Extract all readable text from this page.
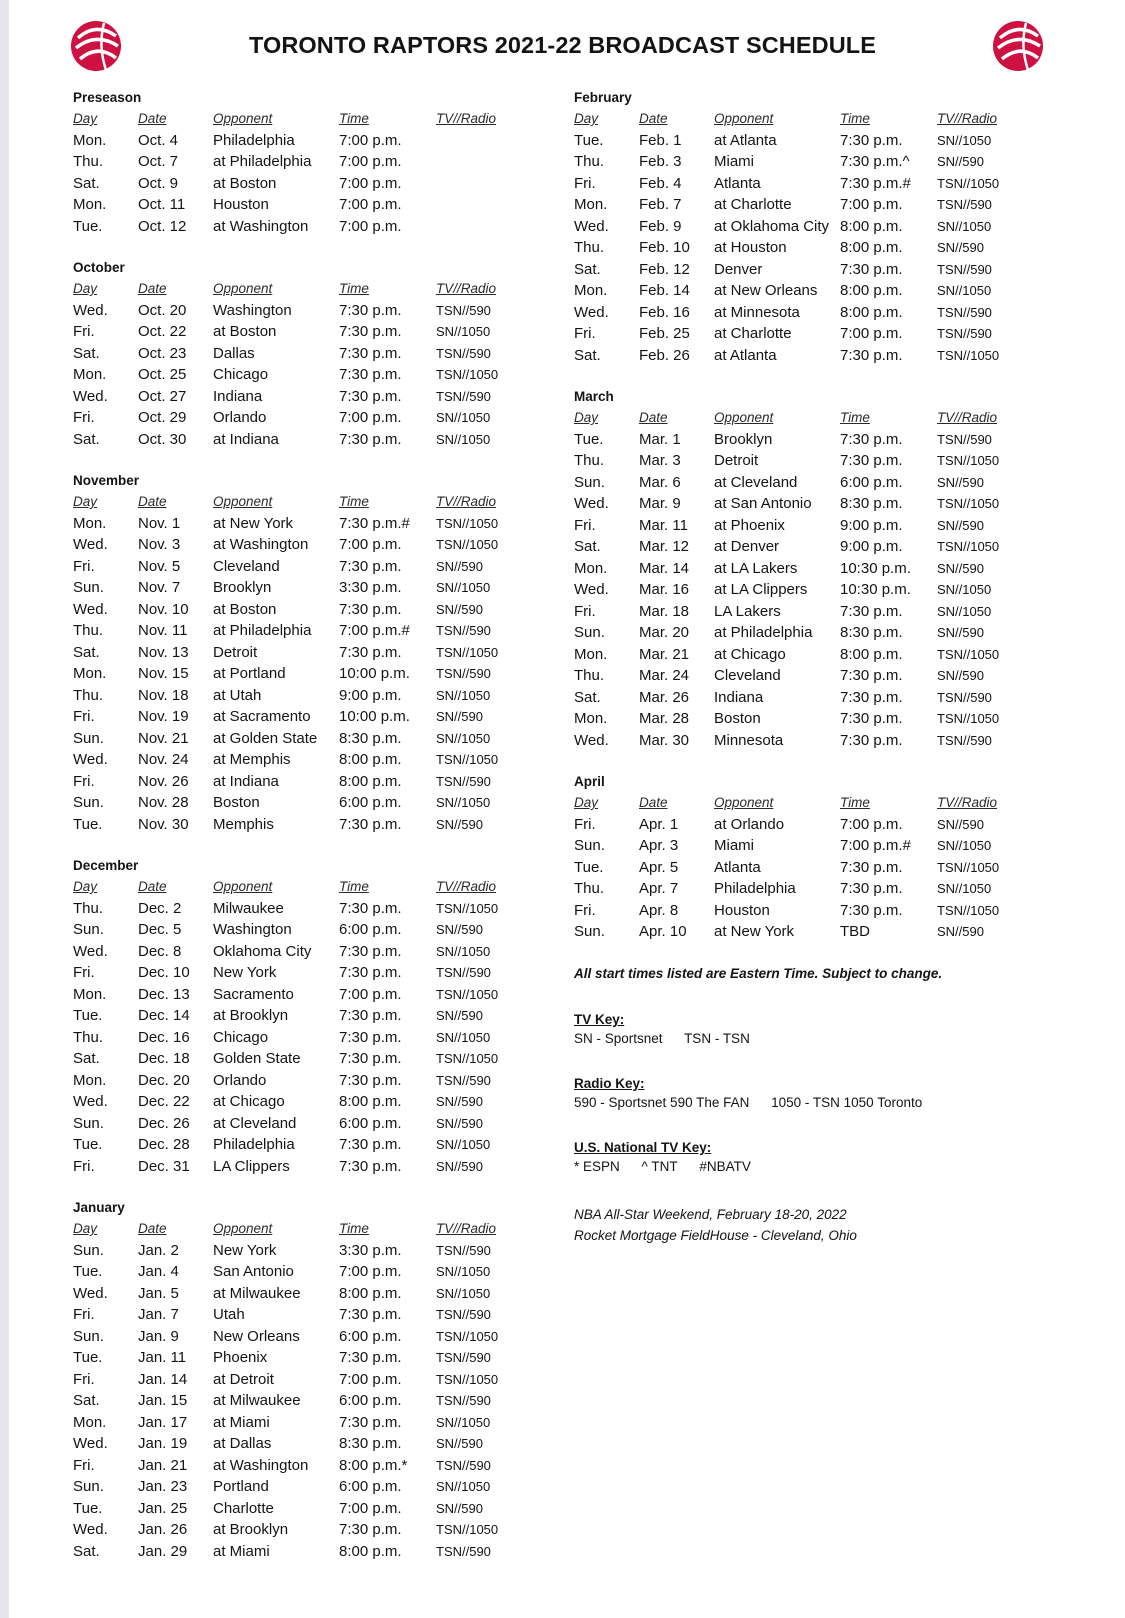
TORONTO RAPTORS 2021-22 BROADCAST SCHEDULE
Preseason
Day	Date	Opponent	Time	TV//Radio
Mon.	Oct. 4	Philadelphia	7:00 p.m.
Thu.	Oct. 7	at Philadelphia	7:00 p.m.
Sat.	Oct. 9	at Boston	7:00 p.m.
Mon.	Oct. 11	Houston	7:00 p.m.
Tue.	Oct. 12	at Washington	7:00 p.m.
October
Day	Date	Opponent	Time	TV//Radio
Wed.	Oct. 20	Washington	7:30 p.m.	TSN//590
Fri.	Oct. 22	at Boston	7:30 p.m.	SN//1050
Sat.	Oct. 23	Dallas	7:30 p.m.	TSN//590
Mon.	Oct. 25	Chicago	7:30 p.m.	TSN//1050
Wed.	Oct. 27	Indiana	7:30 p.m.	TSN//590
Fri.	Oct. 29	Orlando	7:00 p.m.	SN//1050
Sat.	Oct. 30	at Indiana	7:30 p.m.	SN//1050
November
Day	Date	Opponent	Time	TV//Radio
Mon.	Nov. 1	at New York	7:30 p.m.#	TSN//1050
Wed.	Nov. 3	at Washington	7:00 p.m.	TSN//1050
Fri.	Nov. 5	Cleveland	7:30 p.m.	SN//590
Sun.	Nov. 7	Brooklyn	3:30 p.m.	SN//1050
Wed.	Nov. 10	at Boston	7:30 p.m.	SN//590
Thu.	Nov. 11	at Philadelphia	7:00 p.m.#	TSN//590
Sat.	Nov. 13	Detroit	7:30 p.m.	TSN//1050
Mon.	Nov. 15	at Portland	10:00 p.m.	TSN//590
Thu.	Nov. 18	at Utah	9:00 p.m.	SN//1050
Fri.	Nov. 19	at Sacramento	10:00 p.m.	SN//590
Sun.	Nov. 21	at Golden State	8:30 p.m.	SN//1050
Wed.	Nov. 24	at Memphis	8:00 p.m.	TSN//1050
Fri.	Nov. 26	at Indiana	8:00 p.m.	TSN//590
Sun.	Nov. 28	Boston	6:00 p.m.	SN//1050
Tue.	Nov. 30	Memphis	7:30 p.m.	SN//590
December
Day	Date	Opponent	Time	TV//Radio
Thu.	Dec. 2	Milwaukee	7:30 p.m.	TSN//1050
Sun.	Dec. 5	Washington	6:00 p.m.	SN//590
Wed.	Dec. 8	Oklahoma City	7:30 p.m.	SN//1050
Fri.	Dec. 10	New York	7:30 p.m.	TSN//590
Mon.	Dec. 13	Sacramento	7:00 p.m.	TSN//1050
Tue.	Dec. 14	at Brooklyn	7:30 p.m.	SN//590
Thu.	Dec. 16	Chicago	7:30 p.m.	SN//1050
Sat.	Dec. 18	Golden State	7:30 p.m.	TSN//1050
Mon.	Dec. 20	Orlando	7:30 p.m.	TSN//590
Wed.	Dec. 22	at Chicago	8:00 p.m.	SN//590
Sun.	Dec. 26	at Cleveland	6:00 p.m.	SN//590
Tue.	Dec. 28	Philadelphia	7:30 p.m.	SN//1050
Fri.	Dec. 31	LA Clippers	7:30 p.m.	SN//590
January
Day	Date	Opponent	Time	TV//Radio
Sun.	Jan. 2	New York	3:30 p.m.	TSN//590
Tue.	Jan. 4	San Antonio	7:00 p.m.	SN//1050
Wed.	Jan. 5	at Milwaukee	8:00 p.m.	SN//1050
Fri.	Jan. 7	Utah	7:30 p.m.	TSN//590
Sun.	Jan. 9	New Orleans	6:00 p.m.	TSN//1050
Tue.	Jan. 11	Phoenix	7:30 p.m.	TSN//590
Fri.	Jan. 14	at Detroit	7:00 p.m.	TSN//1050
Sat.	Jan. 15	at Milwaukee	6:00 p.m.	TSN//590
Mon.	Jan. 17	at Miami	7:30 p.m.	SN//1050
Wed.	Jan. 19	at Dallas	8:30 p.m.	SN//590
Fri.	Jan. 21	at Washington	8:00 p.m.*	TSN//590
Sun.	Jan. 23	Portland	6:00 p.m.	SN//1050
Tue.	Jan. 25	Charlotte	7:00 p.m.	SN//590
Wed.	Jan. 26	at Brooklyn	7:30 p.m.	TSN//1050
Sat.	Jan. 29	at Miami	8:00 p.m.	TSN//590
February
Day	Date	Opponent	Time	TV//Radio
Tue.	Feb. 1	at Atlanta	7:30 p.m.	SN//1050
Thu.	Feb. 3	Miami	7:30 p.m.^	SN//590
Fri.	Feb. 4	Atlanta	7:30 p.m.#	TSN//1050
Mon.	Feb. 7	at Charlotte	7:00 p.m.	TSN//590
Wed.	Feb. 9	at Oklahoma City 8:00 p.m.	SN//1050
Thu.	Feb. 10	at Houston	8:00 p.m.	SN//590
Sat.	Feb. 12	Denver	7:30 p.m.	TSN//590
Mon.	Feb. 14	at New Orleans	8:00 p.m.	SN//1050
Wed.	Feb. 16	at Minnesota	8:00 p.m.	TSN//590
Fri.	Feb. 25	at Charlotte	7:00 p.m.	TSN//590
Sat.	Feb. 26	at Atlanta	7:30 p.m.	TSN//1050
March
Day	Date	Opponent	Time	TV//Radio
Tue.	Mar. 1	Brooklyn	7:30 p.m.	TSN//590
Thu.	Mar. 3	Detroit	7:30 p.m.	TSN//1050
Sun.	Mar. 6	at Cleveland	6:00 p.m.	SN//590
Wed.	Mar. 9	at San Antonio	8:30 p.m.	TSN//1050
Fri.	Mar. 11	at Phoenix	9:00 p.m.	SN//590
Sat.	Mar. 12	at Denver	9:00 p.m.	TSN//1050
Mon.	Mar. 14	at LA Lakers	10:30 p.m.	SN//590
Wed.	Mar. 16	at LA Clippers	10:30 p.m.	SN//1050
Fri.	Mar. 18	LA Lakers	7:30 p.m.	SN//1050
Sun.	Mar. 20	at Philadelphia	8:30 p.m.	SN//590
Mon.	Mar. 21	at Chicago	8:00 p.m.	TSN//1050
Thu.	Mar. 24	Cleveland	7:30 p.m.	SN//590
Sat.	Mar. 26	Indiana	7:30 p.m.	TSN//590
Mon.	Mar. 28	Boston	7:30 p.m.	TSN//1050
Wed.	Mar. 30	Minnesota	7:30 p.m.	TSN//590
April
Day	Date	Opponent	Time	TV//Radio
Fri.	Apr. 1	at Orlando	7:00 p.m.	SN//590
Sun.	Apr. 3	Miami	7:00 p.m.#	SN//1050
Tue.	Apr. 5	Atlanta	7:30 p.m.	TSN//1050
Thu.	Apr. 7	Philadelphia	7:30 p.m.	SN//1050
Fri.	Apr. 8	Houston	7:30 p.m.	TSN//1050
Sun.	Apr. 10	at New York	TBD	SN//590
All start times listed are Eastern Time. Subject to change.
TV Key:
SN - Sportsnet TSN - TSN
Radio Key:
590 - Sportsnet 590 The FAN 1050 - TSN 1050 Toronto
U.S. National TV Key:
* ESPN ^ TNT #NBATV
NBA All-Star Weekend, February 18-20, 2022
Rocket Mortgage FieldHouse - Cleveland, Ohio
